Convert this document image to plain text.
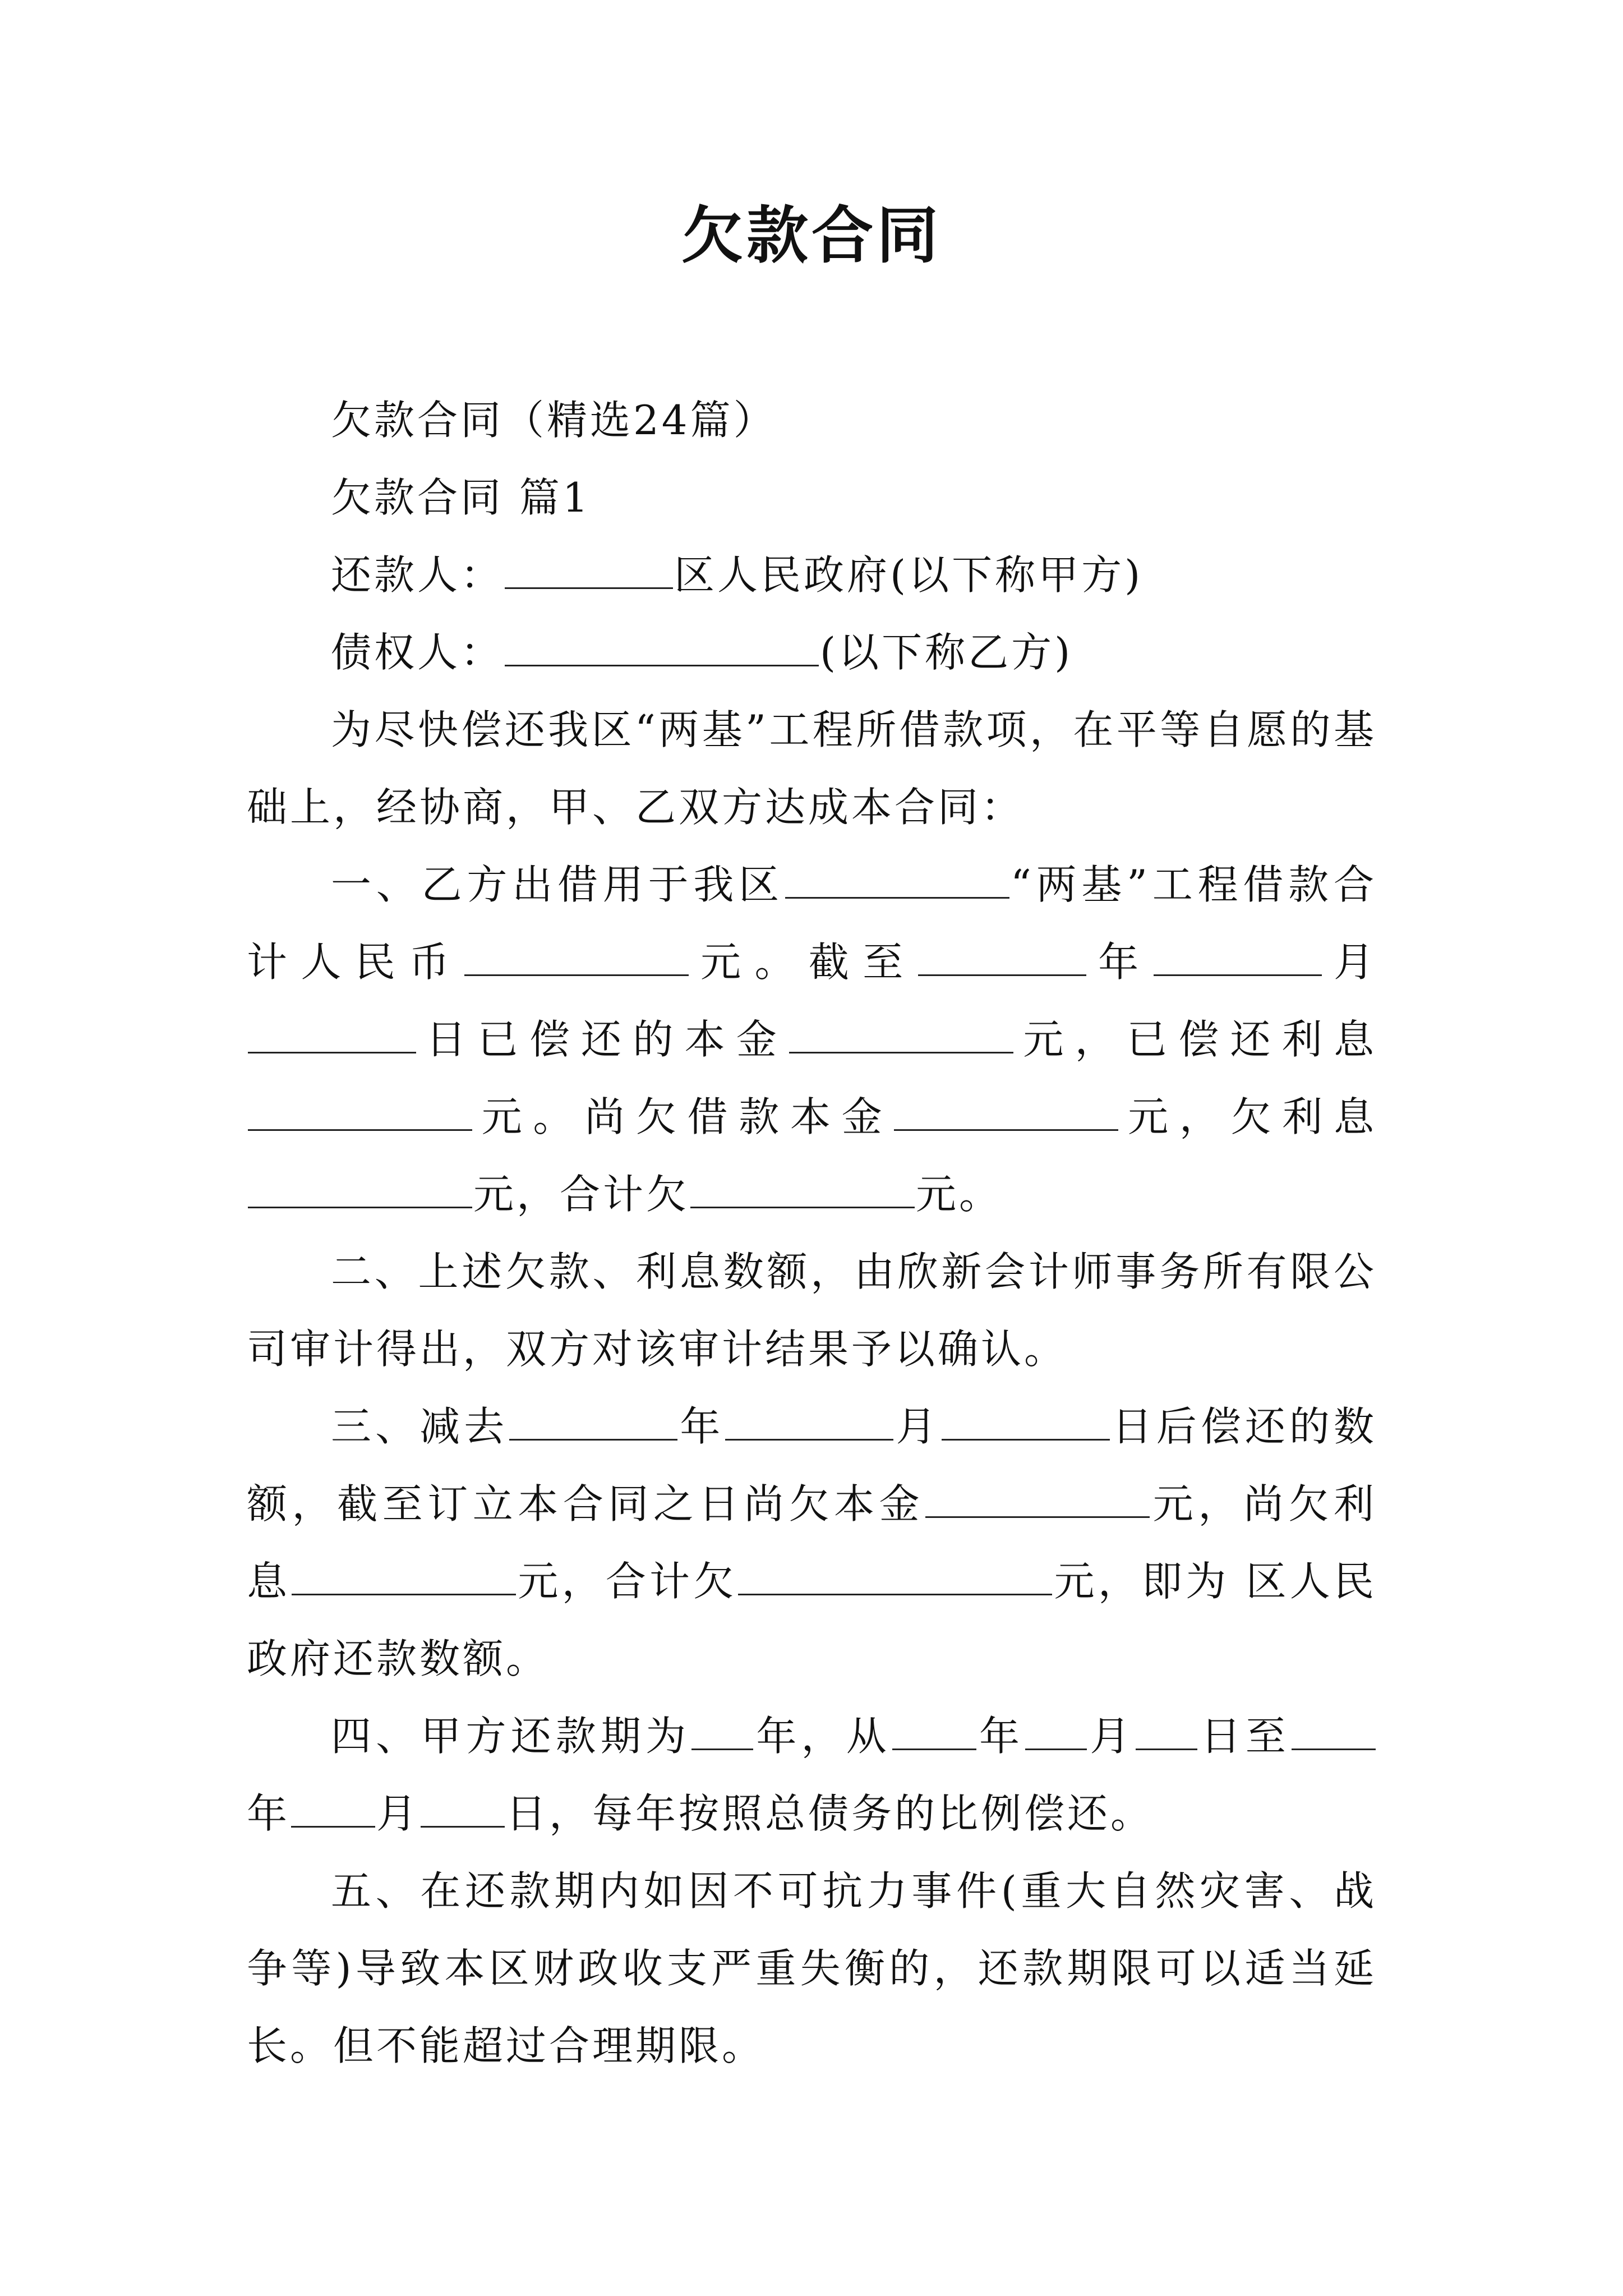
欠款合同

欠款合同（精选24篇）

欠款合同 篇1

还款人：	区人民政府(以下称甲方)

债权人：	(以下称乙方)

为尽快偿还我区“两基”工程所借款项，在平等自愿的基础上，经协商，甲、乙双方达成本合同：

一、乙方出借用于我区	“两基”工程借款合计人民币	元。截至	年	月日已偿还的本金	元，已偿还利息元。尚欠借款本金	元，欠利息元，合计欠	元。

二、上述欠款、利息数额，由欣新会计师事务所有限公司审计得出，双方对该审计结果予以确认。

三、减去	年	月	日后偿还的数额，截至订立本合同之日尚欠本金	元，尚欠利息	元，合计欠	元，即为 区人民政府还款数额。

四、甲方还款期为 年，从 年 月 日至年 月 日，每年按照总债务的比例偿还。

五、在还款期内如因不可抗力事件(重大自然灾害、战争等)导致本区财政收支严重失衡的，还款期限可以适当延长。但不能超过合理期限。
